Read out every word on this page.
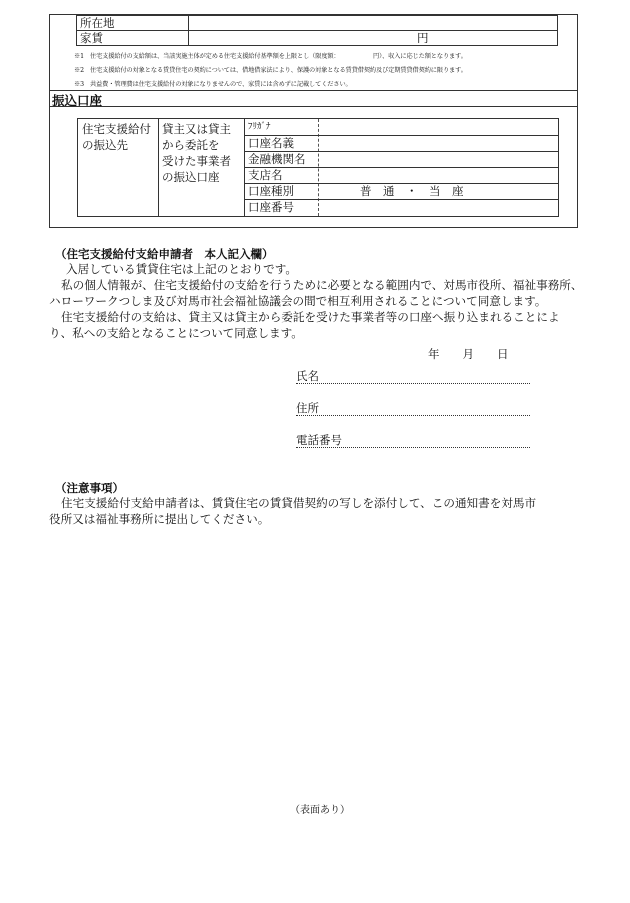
所在地	
家賃	円
※1　住宅支援給付の支給額は、当該実施主体が定める住宅支援給付基準額を上限とし（限度額：　　　　　　円）、収入に応じた額となります。
※2　住宅支援給付の対象となる賃貸住宅の契約については、借地借家法により、保護の対象となる賃貸借契約及び定期賃貸借契約に限ります。
※3　共益費・管理費は住宅支援給付の対象になりませんので、家賃には含めずに記載してください。
振込口座
住宅支援給付
の振込先
貸主又は貸主
から委託を
受けた事業者
の振込口座
ﾌﾘｶﾞﾅ
口座名義
金融機関名
支店名
口座種別	普　通　・　当　座
口座番号
（住宅支援給付支給申請者　本人記入欄）
入居している賃貸住宅は上記のとおりです。
私の個人情報が、住宅支援給付の支給を行うために必要となる範囲内で、対馬市役所、福祉事務所、
ハローワークつしま及び対馬市社会福祉協議会の間で相互利用されることについて同意します。
住宅支援給付の支給は、貸主又は貸主から委託を受けた事業者等の口座へ振り込まれることによ
り、私への支給となることについて同意します。
年　　月　　日
氏名
住所
電話番号
（注意事項）
住宅支援給付支給申請者は、賃貸住宅の賃貸借契約の写しを添付して、この通知書を対馬市
役所又は福祉事務所に提出してください。
（表面あり）
